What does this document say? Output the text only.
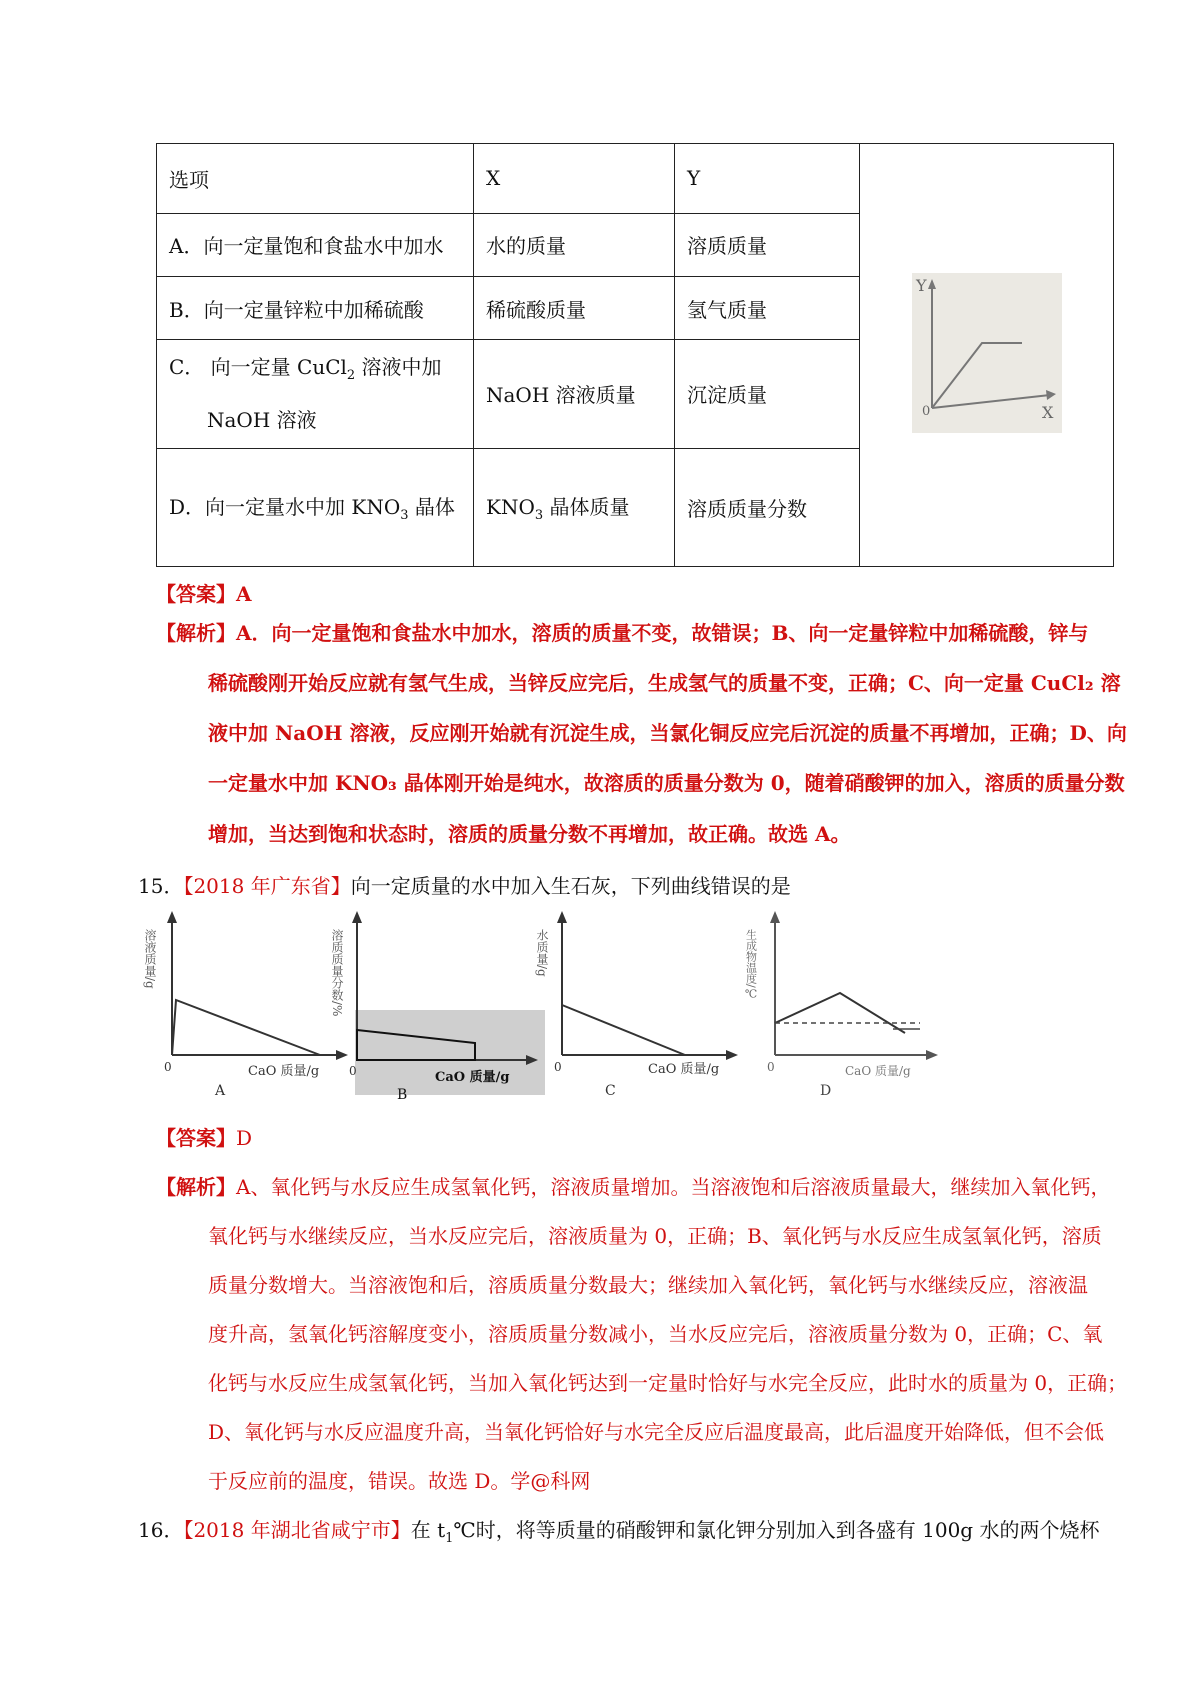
选项	X	Y	Y
0 X

A．向一定量饱和食盐水中加水	水的质量	溶质质量	
B．向一定量锌粒中加稀硫酸	稀硫酸质量	氢气质量	
C． 向一定量 CuCl$_2$ 溶液中加
NaOH 溶液	NaOH 溶液质量	沉淀质量	
D．向一定量水中加 $KNO_3$ 晶体	$KNO_3$ 晶体质量	溶质质量分数	
【答案】A
【解析】A．向一定量饱和食盐水中加水，溶质的质量不变，故错误；B、向一定量锌粒中加稀硫酸，锌与
稀硫酸刚开始反应就有氢气生成，当锌反应完后，生成氢气的质量不变，正确；C、向一定量 CuCl₂ 溶
液中加 NaOH 溶液，反应刚开始就有沉淀生成，当氯化铜反应完后沉淀的质量不再增加，正确；D、向
一定量水中加 KNO₃ 晶体刚开始是纯水，故溶质的质量分数为 0，随着硝酸钾的加入，溶质的质量分数
增加，当达到饱和状态时，溶质的质量分数不再增加，故正确。故选 A。
15．【2018 年广东省】向一定质量的水中加入生石灰，下列曲线错误的是
溶液质量/g
0	CaO 质量/g
A
溶质质量分数/%
0	CaO 质量/g
B
水质量/g
0	CaO 质量/g
C
生成物温度/℃
0	CaO 质量/g
D
【答案】D
【解析】A、氧化钙与水反应生成氢氧化钙，溶液质量增加。当溶液饱和后溶液质量最大，继续加入氧化钙，
氧化钙与水继续反应，当水反应完后，溶液质量为 0，正确；B、氧化钙与水反应生成氢氧化钙，溶质
质量分数增大。当溶液饱和后，溶质质量分数最大；继续加入氧化钙，氧化钙与水继续反应，溶液温
度升高，氢氧化钙溶解度变小，溶质质量分数减小，当水反应完后，溶液质量分数为 0，正确；C、氧
化钙与水反应生成氢氧化钙，当加入氧化钙达到一定量时恰好与水完全反应，此时水的质量为 0，正确；
D、氧化钙与水反应温度升高，当氧化钙恰好与水完全反应后温度最高，此后温度开始降低，但不会低
于反应前的温度，错误。故选 D。学@科网
16．【2018 年湖北省咸宁市】在 $t_1℃$时，将等质量的硝酸钾和氯化钾分别加入到各盛有 100g 水的两个烧杯
